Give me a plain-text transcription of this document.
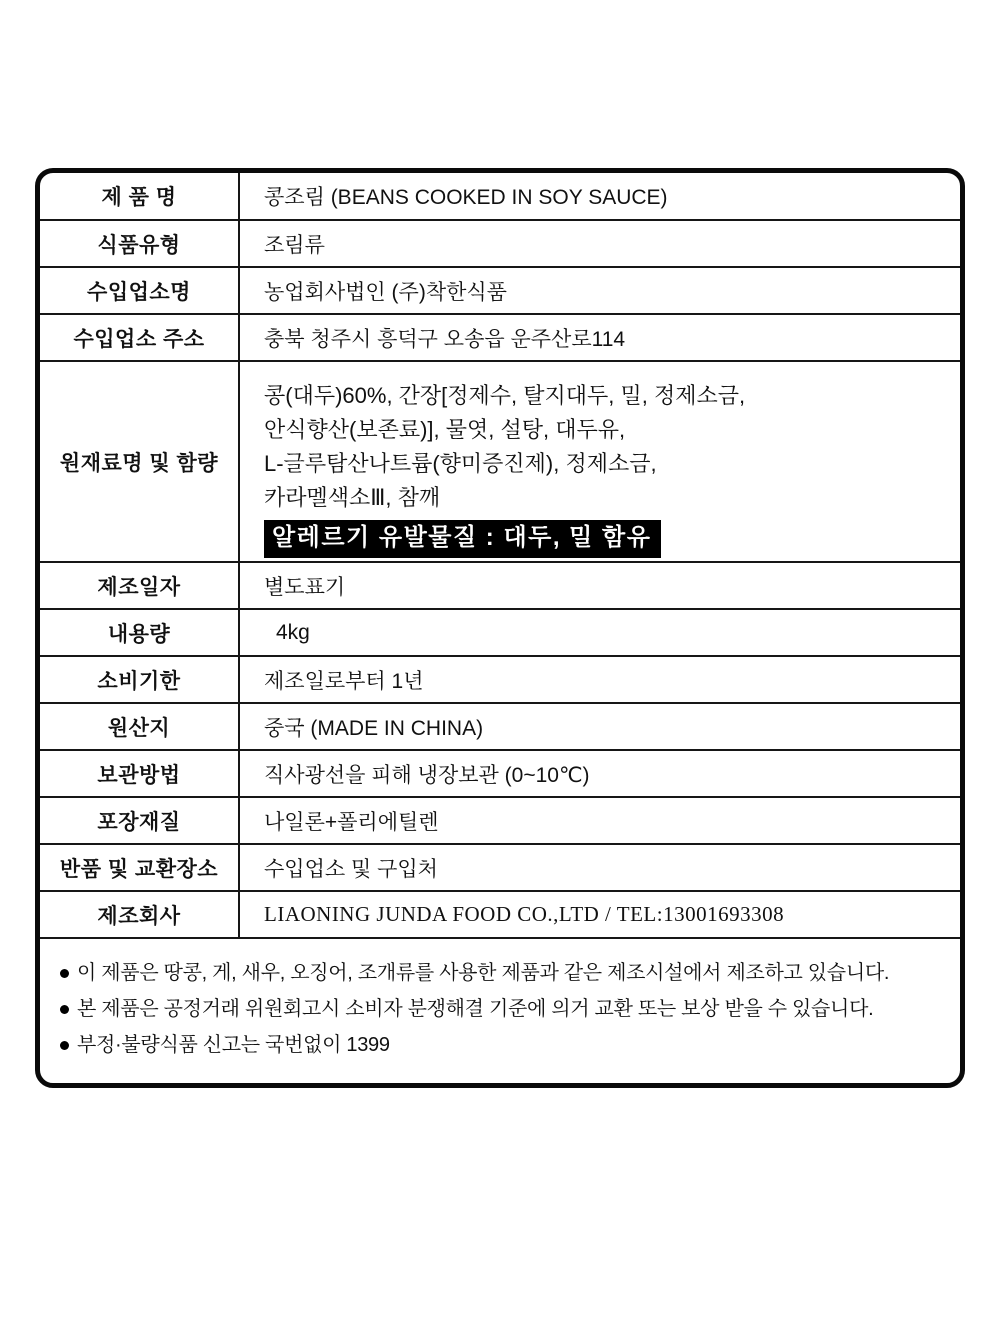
제 품 명	콩조림 (BEANS COOKED IN SOY SAUCE)
식품유형	조림류
수입업소명	농업회사법인 (주)착한식품
수입업소 주소	충북 청주시 흥덕구 오송읍 운주산로114
원재료명 및 함량
콩(대두)60%, 간장[정제수, 탈지대두, 밀, 정제소금,
안식향산(보존료)], 물엿, 설탕, 대두유,
L-글루탐산나트륨(향미증진제), 정제소금,
카라멜색소Ⅲ, 참깨
알레르기 유발물질 : 대두, 밀 함유
제조일자	별도표기
내용량	4kg
소비기한	제조일로부터 1년
원산지	중국 (MADE IN CHINA)
보관방법	직사광선을 피해 냉장보관 (0~10℃)
포장재질	나일론+폴리에틸렌
반품 및 교환장소	수입업소 및 구입처
제조회사	LIAONING JUNDA FOOD CO.,LTD / TEL:13001693308
이 제품은 땅콩, 게, 새우, 오징어, 조개류를 사용한 제품과 같은 제조시설에서 제조하고 있습니다.
본 제품은 공정거래 위원회고시 소비자 분쟁해결 기준에 의거 교환 또는 보상 받을 수 있습니다.
부정·불량식품 신고는 국번없이 1399
